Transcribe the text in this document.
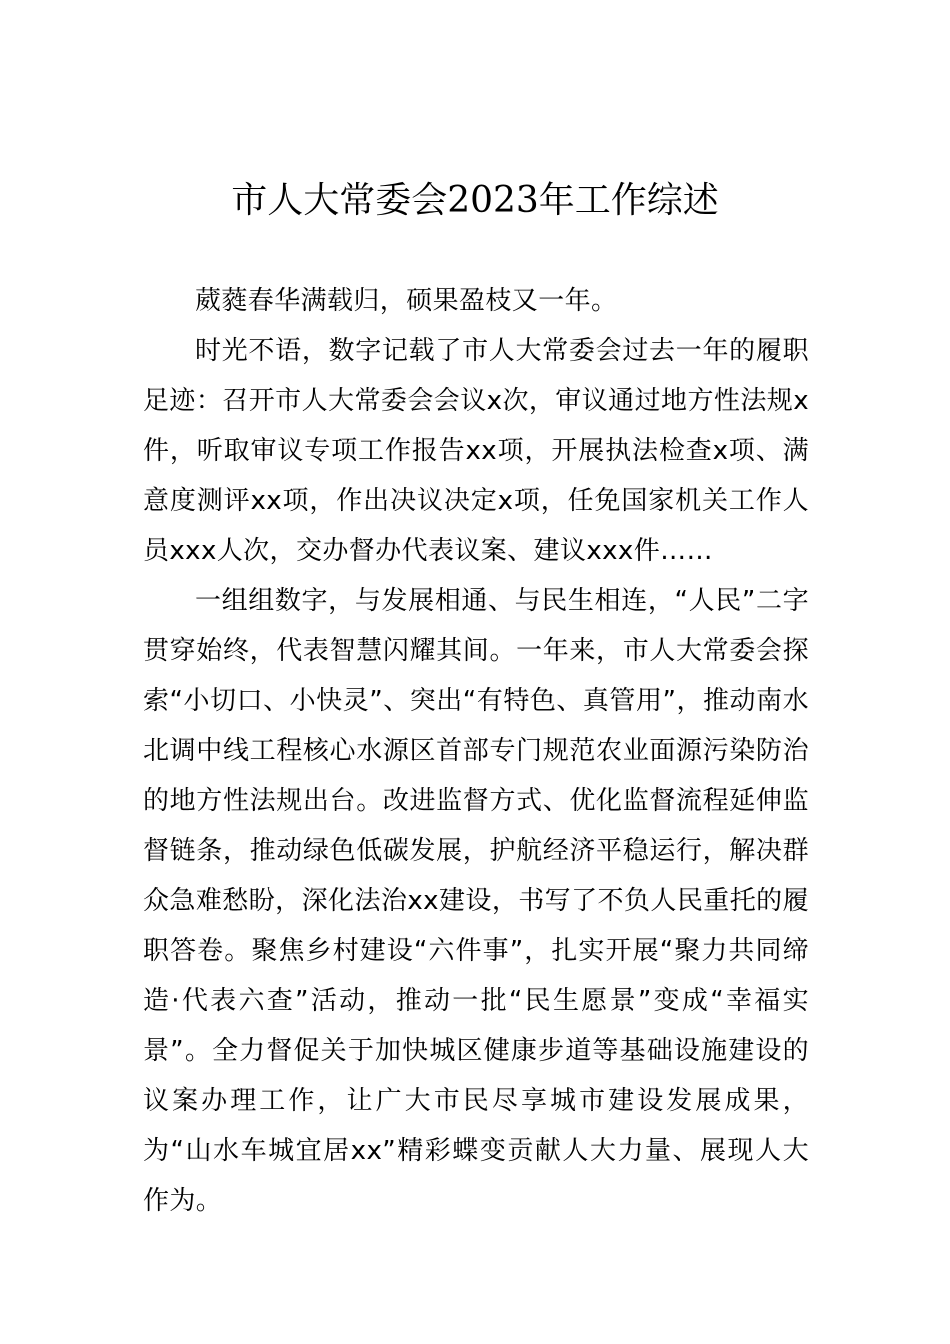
市人大常委会2023年工作综述

葳蕤春华满载归，硕果盈枝又一年。

时光不语，数字记载了市人大常委会过去一年的履职足迹：召开市人大常委会会议x次，审议通过地方性法规x件，听取审议专项工作报告xx项，开展执法检查x项、满意度测评xx项，作出决议决定x项，任免国家机关工作人员xxx人次，交办督办代表议案、建议xxx件……

一组组数字，与发展相通、与民生相连，“人民”二字贯穿始终，代表智慧闪耀其间。一年来，市人大常委会探索“小切口、小快灵”、突出“有特色、真管用”，推动南水北调中线工程核心水源区首部专门规范农业面源污染防治的地方性法规出台。改进监督方式、优化监督流程延伸监督链条，推动绿色低碳发展，护航经济平稳运行，解决群众急难愁盼，深化法治xx建设，书写了不负人民重托的履职答卷。聚焦乡村建设“六件事”，扎实开展“聚力共同缔造·代表六查”活动，推动一批“民生愿景”变成“幸福实景”。全力督促关于加快城区健康步道等基础设施建设的议案办理工作，让广大市民尽享城市建设发展成果，为“山水车城宜居xx”精彩蝶变贡献人大力量、展现人大作为。
